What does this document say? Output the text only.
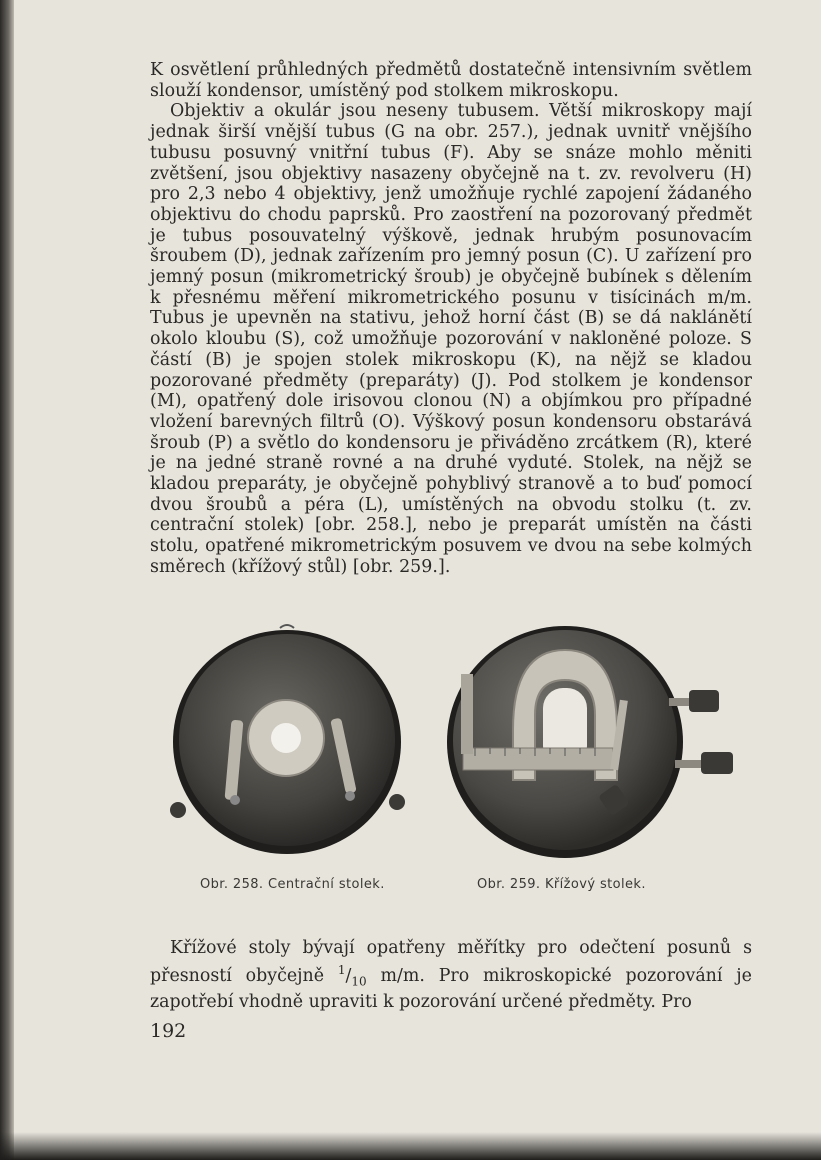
K osvětlení průhledných předmětů dostatečně intensivním světlem slouží kondensor, umístěný pod stolkem mikroskopu.

Objektiv a okulár jsou neseny tubusem. Větší mikroskopy mají jednak širší vnější tubus (G na obr. 257.), jednak uvnitř vnějšího tubusu posuvný vnitřní tubus (F). Aby se snáze mohlo měniti zvětšení, jsou objektivy nasazeny obyčejně na t. zv. revolveru (H) pro 2,3 nebo 4 objektivy, jenž umožňuje rychlé zapojení žádaného objektivu do chodu paprsků. Pro zaostření na pozorovaný předmět je tubus posouvatelný výškově, jednak hrubým posunovacím šroubem (D), jednak zařízením pro jemný posun (C). U zařízení pro jemný posun (mikrometrický šroub) je obyčejně bubínek s dělením k přesnému měření mikrometrického posunu v tisícinách m/m. Tubus je upevněn na stativu, jehož horní část (B) se dá naklánětí okolo kloubu (S), což umožňuje pozorování v nakloněné poloze. S částí (B) je spojen stolek mikroskopu (K), na nějž se kladou pozorované předměty (preparáty) (J). Pod stolkem je kondensor (M), opatřený dole irisovou clonou (N) a objímkou pro případné vložení barevných filtrů (O). Výškový posun kondensoru obstarává šroub (P) a světlo do kondensoru je přiváděno zrcátkem (R), které je na jedné straně rovné a na druhé vyduté. Stolek, na nějž se kladou preparáty, je obyčejně pohyblivý stranově a to buď pomocí dvou šroubů a péra (L), umístěných na obvodu stolku (t. zv. centrační stolek) [obr. 258.], nebo je preparát umístěn na části stolu, opatřené mikrometrickým posuvem ve dvou na sebe kolmých směrech (křížový stůl) [obr. 259.].

Obr. 258. Centrační stolek.	Obr. 259. Křížový stolek.

Křížové stoly bývají opatřeny měřítky pro odečtení posunů s přesností obyčejně $^1/_{10}$ m/m. Pro mikroskopické pozorování je zapotřebí vhodně upraviti k pozorování určené předměty. Pro

192
